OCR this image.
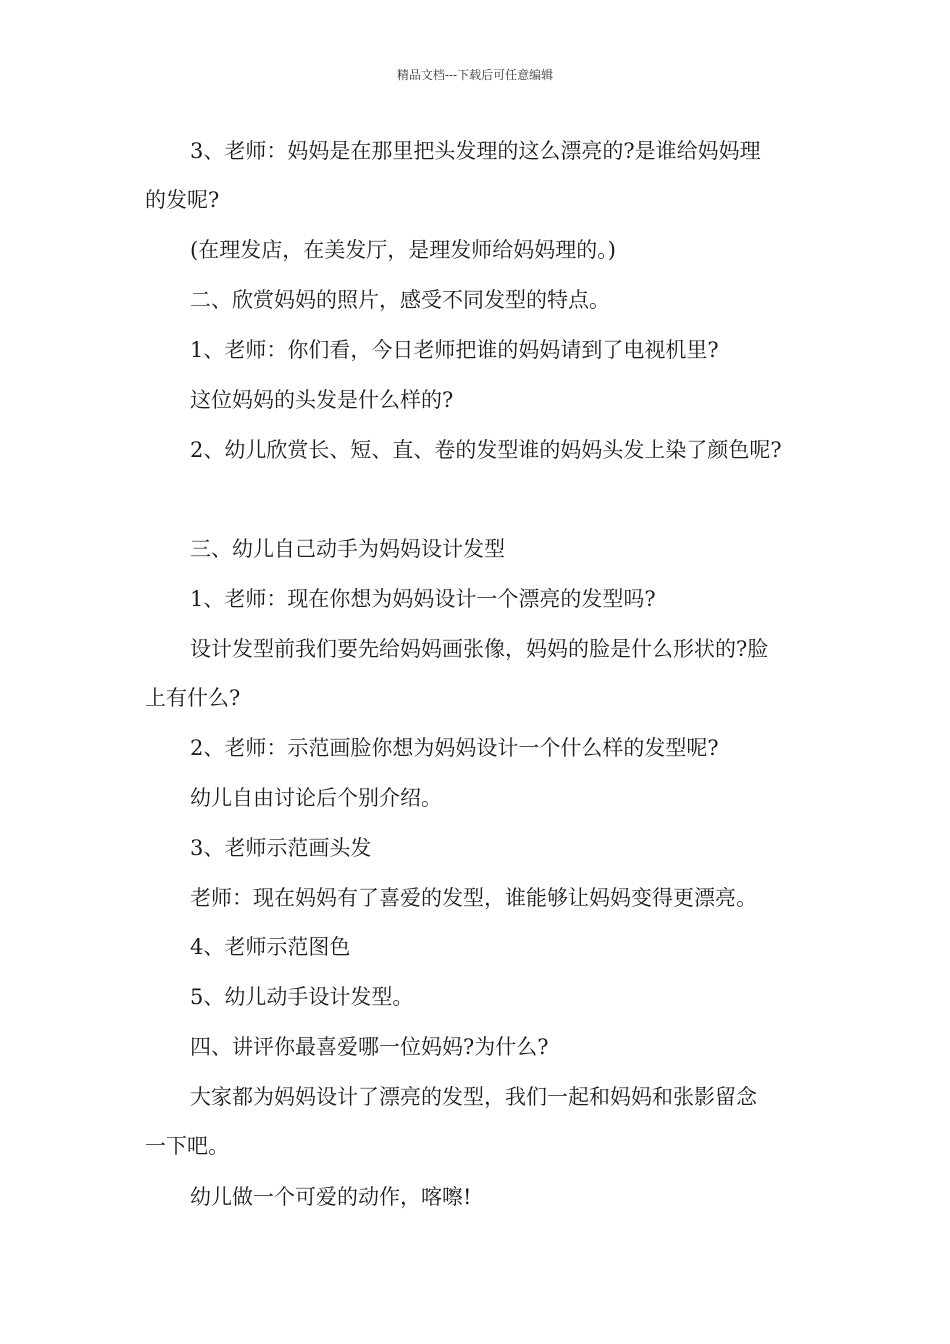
精品文档---下载后可任意编辑
3、老师：妈妈是在那里把头发理的这么漂亮的?是谁给妈妈理
的发呢?
(在理发店，在美发厅，是理发师给妈妈理的。)
二、欣赏妈妈的照片，感受不同发型的特点。
1、老师：你们看，今日老师把谁的妈妈请到了电视机里?
这位妈妈的头发是什么样的?
2、幼儿欣赏长、短、直、卷的发型谁的妈妈头发上染了颜色呢?
三、幼儿自己动手为妈妈设计发型
1、老师：现在你想为妈妈设计一个漂亮的发型吗?
设计发型前我们要先给妈妈画张像，妈妈的脸是什么形状的?脸
上有什么?
2、老师：示范画脸你想为妈妈设计一个什么样的发型呢?
幼儿自由讨论后个别介绍。
3、老师示范画头发
老师：现在妈妈有了喜爱的发型，谁能够让妈妈变得更漂亮。
4、老师示范图色
5、幼儿动手设计发型。
四、讲评你最喜爱哪一位妈妈?为什么?
大家都为妈妈设计了漂亮的发型，我们一起和妈妈和张影留念
一下吧。
幼儿做一个可爱的动作，喀嚓!
